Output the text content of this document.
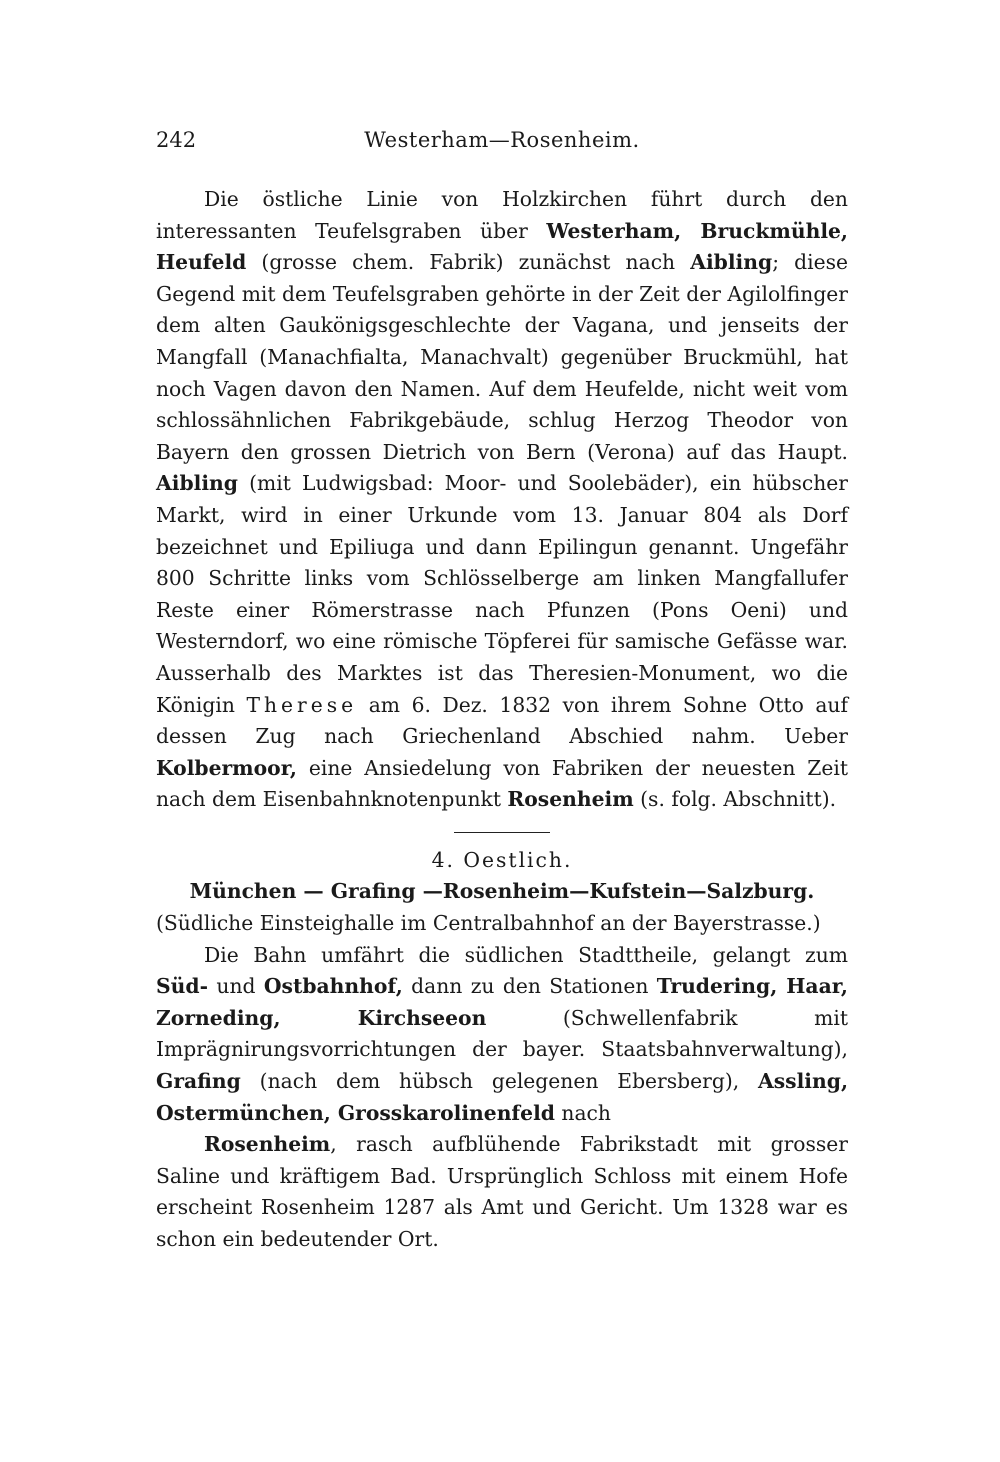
242	Westerham—Rosenheim.

Die östliche Linie von Holzkirchen führt durch den interessanten Teufelsgraben über Westerham, Bruckmühle, Heufeld (grosse chem. Fabrik) zunächst nach Aibling; diese Gegend mit dem Teufelsgraben gehörte in der Zeit der Agilolfinger dem alten Gaukönigsgeschlechte der Vagana, und jenseits der Mangfall (Manachfialta, Manachvalt) gegenüber Bruckmühl, hat noch Vagen davon den Namen. Auf dem Heufelde, nicht weit vom schlossähnlichen Fabrikgebäude, schlug Herzog Theodor von Bayern den grossen Dietrich von Bern (Verona) auf das Haupt. Aibling (mit Ludwigsbad: Moor- und Soolebäder), ein hübscher Markt, wird in einer Urkunde vom 13. Januar 804 als Dorf bezeichnet und Epiliuga und dann Epilingun genannt. Ungefähr 800 Schritte links vom Schlösselberge am linken Mangfallufer Reste einer Römerstrasse nach Pfunzen (Pons Oeni) und Westerndorf, wo eine römische Töpferei für samische Gefässe war. Ausserhalb des Marktes ist das Theresien-Monument, wo die Königin Therese am 6. Dez. 1832 von ihrem Sohne Otto auf dessen Zug nach Griechenland Abschied nahm. Ueber Kolbermoor, eine Ansiedelung von Fabriken der neuesten Zeit nach dem Eisenbahnknotenpunkt Rosenheim (s. folg. Abschnitt).

4. Oestlich.

München — Grafing —Rosenheim—Kufstein—Salzburg.

(Südliche Einsteighalle im Centralbahnhof an der Bayerstrasse.)

Die Bahn umfährt die südlichen Stadttheile, gelangt zum Süd- und Ostbahnhof, dann zu den Stationen Trudering, Haar, Zorneding, Kirchseeon (Schwellenfabrik mit Imprägnirungsvorrichtungen der bayer. Staatsbahnverwaltung), Grafing (nach dem hübsch gelegenen Ebersberg), Assling, Ostermünchen, Grosskarolinenfeld nach

Rosenheim, rasch aufblühende Fabrikstadt mit grosser Saline und kräftigem Bad. Ursprünglich Schloss mit einem Hofe erscheint Rosenheim 1287 als Amt und Gericht. Um 1328 war es schon ein bedeutender Ort.
